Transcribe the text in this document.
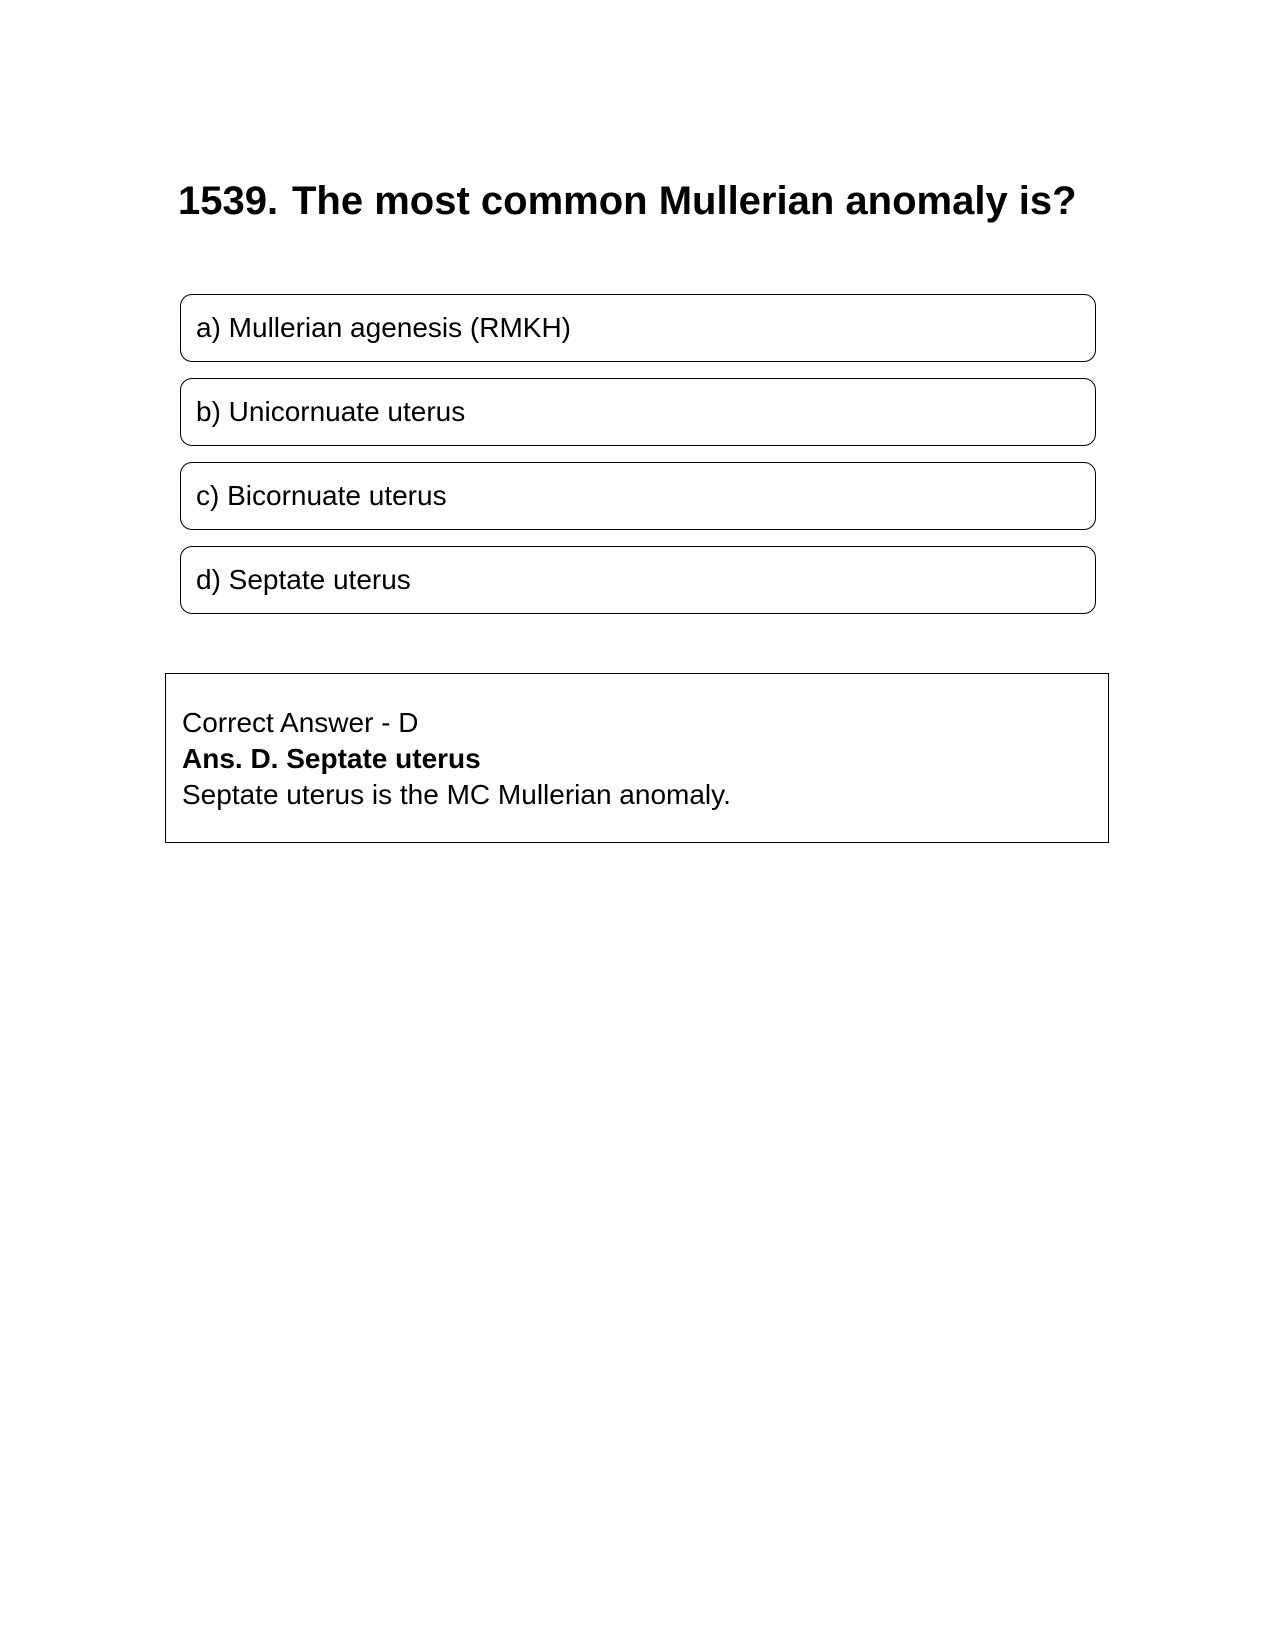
1539. The most common Mullerian anomaly is?
a) Mullerian agenesis (RMKH)
b) Unicornuate uterus
c) Bicornuate uterus
d) Septate uterus
Correct Answer - D
Ans. D. Septate uterus
Septate uterus is the MC Mullerian anomaly.
